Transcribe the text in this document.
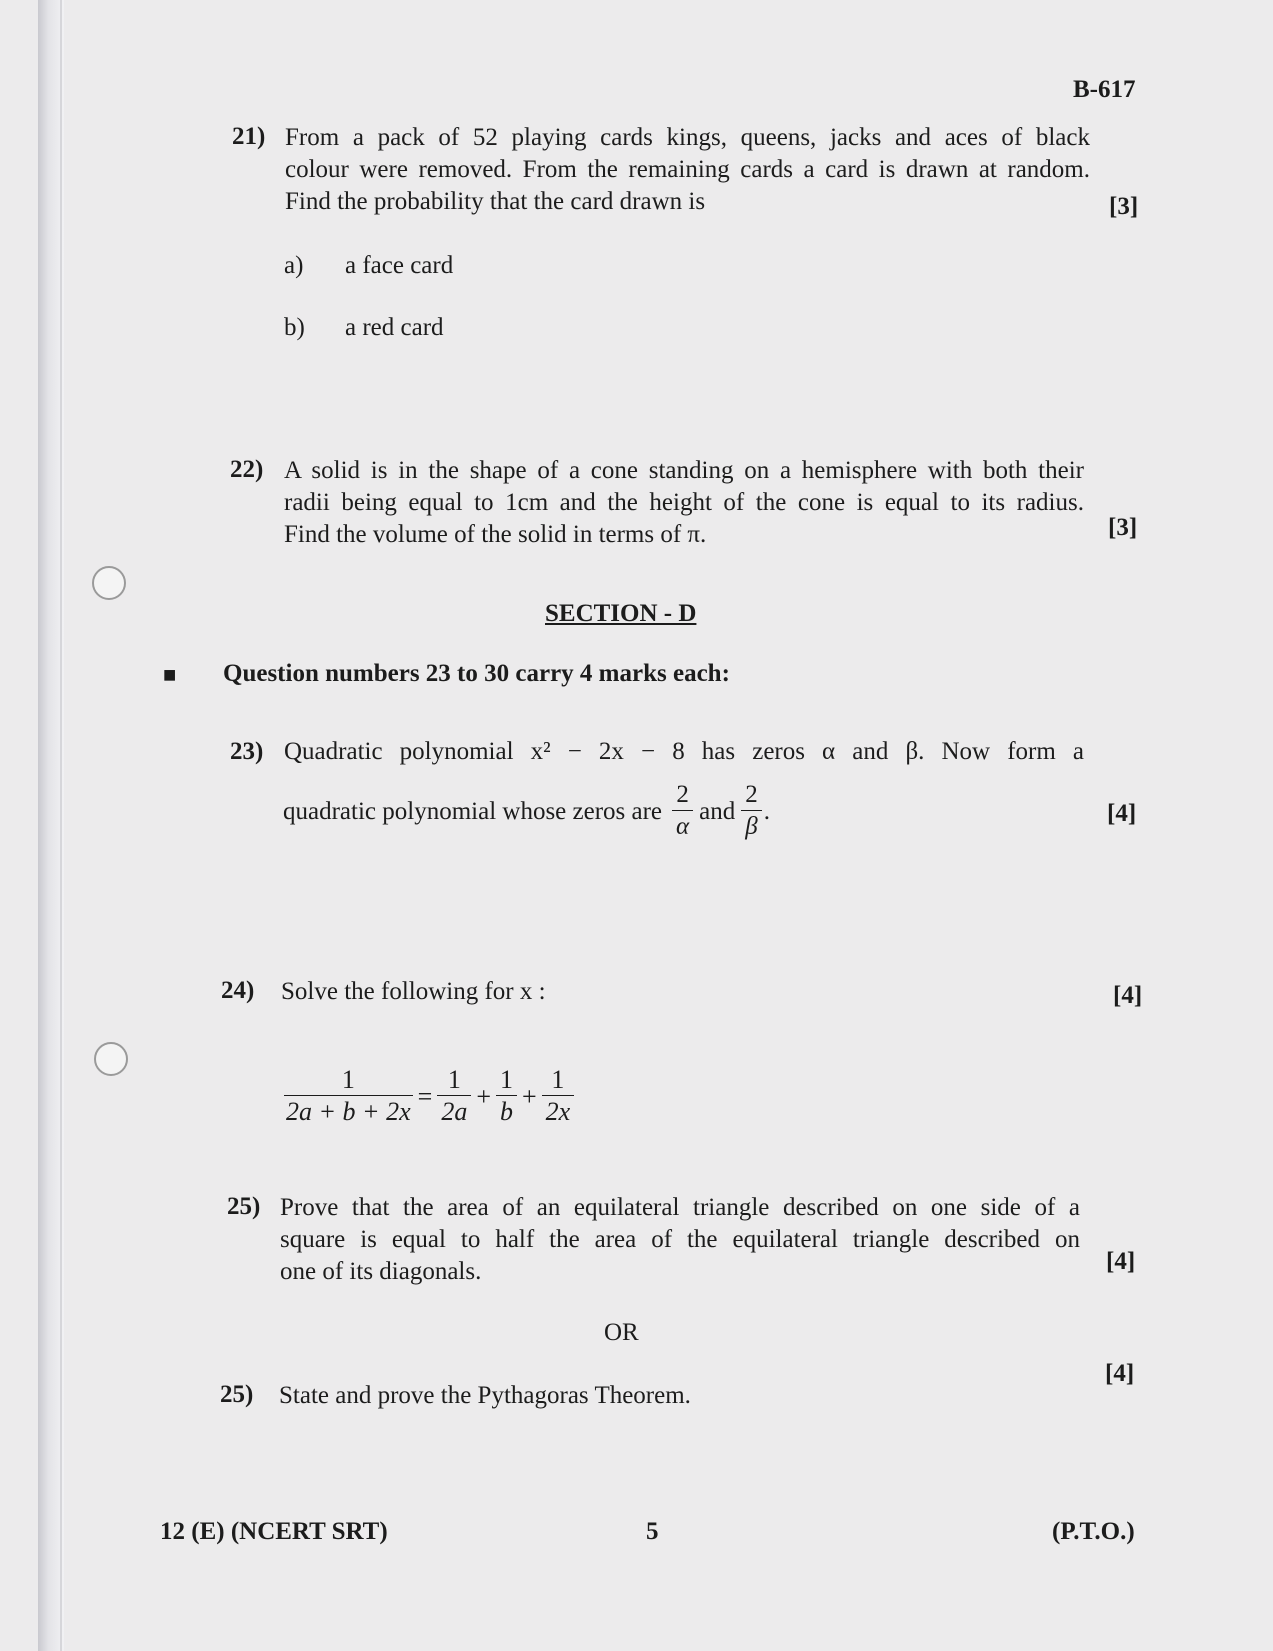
B-617
21) From a pack of 52 playing cards kings, queens, jacks and aces of black
colour were removed. From the remaining cards a card is drawn at random.
Find the probability that the card drawn is	[3]
a) a face card
b) a red card
22) A solid is in the shape of a cone standing on a hemisphere with both their
radii being equal to 1cm and the height of the cone is equal to its radius.
Find the volume of the solid in terms of π.	[3]
SECTION - D
■ Question numbers 23 to 30 carry 4 marks each:
23) Quadratic polynomial x² − 2x − 8 has zeros α and β. Now form a
quadratic polynomial whose zeros are $\frac{2}{\alpha}$ and $\frac{2}{\beta}$ .	[4]
24) Solve the following for x :	[4]
$\frac{1}{2a + b + 2x} = \frac{1}{2a} + \frac{1}{b} + \frac{1}{2x}$
25) Prove that the area of an equilateral triangle described on one side of a
square is equal to half the area of the equilateral triangle described on
one of its diagonals.	[4]
OR
25) State and prove the Pythagoras Theorem.
[4]
12 (E) (NCERT SRT)	5	(P.T.O.)
